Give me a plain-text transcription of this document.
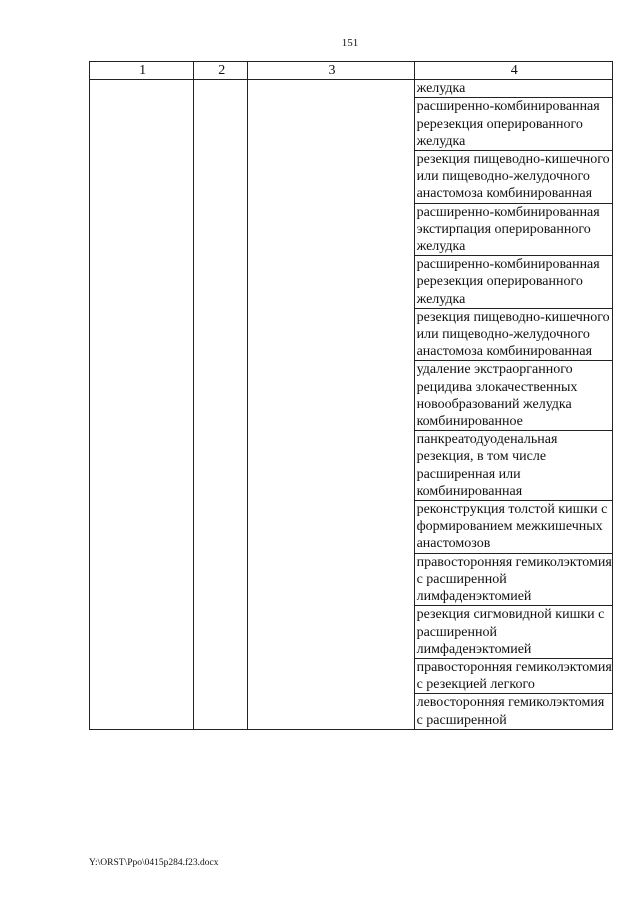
151
1	2	3	4
			желудка
			расширенно-комбинированная ререзекция оперированного желудка
			резекция пищеводно-кишечного или пищеводно-желудочного анастомоза комбинированная
			расширенно-комбинированная экстирпация оперированного желудка
			расширенно-комбинированная ререзекция оперированного желудка
			резекция пищеводно-кишечного или пищеводно-желудочного анастомоза комбинированная
			удаление экстраорганного рецидива злокачественных новообразований желудка комбинированное
			панкреатодуоденальная резекция, в том числе расширенная или комбинированная
			реконструкция толстой кишки с формированием межкишечных анастомозов
			правосторонняя гемиколэктомия с расширенной лимфаденэктомией
			резекция сигмовидной кишки с расширенной лимфаденэктомией
			правосторонняя гемиколэктомия с резекцией легкого
			левосторонняя гемиколэктомия с расширенной
Y:\ORST\Ppo\0415p284.f23.docx
